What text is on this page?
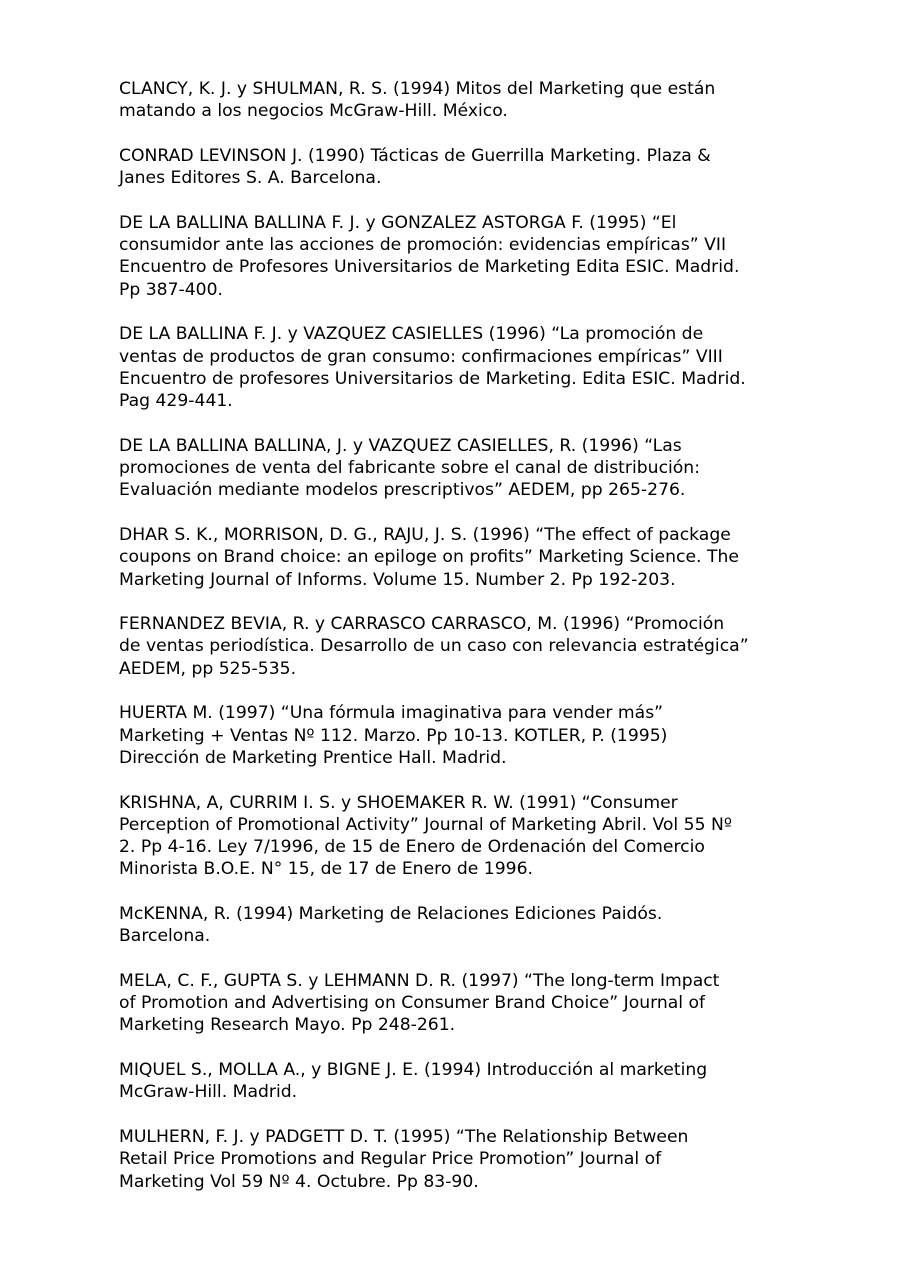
CLANCY, K. J. y SHULMAN, R. S. (1994) Mitos del Marketing que están
matando a los negocios McGraw-Hill. México.
CONRAD LEVINSON J. (1990) Tácticas de Guerrilla Marketing. Plaza &
Janes Editores S. A. Barcelona.
DE LA BALLINA BALLINA F. J. y GONZALEZ ASTORGA F. (1995) “El
consumidor ante las acciones de promoción: evidencias empíricas” VII
Encuentro de Profesores Universitarios de Marketing Edita ESIC. Madrid.
Pp 387-400.
DE LA BALLINA F. J. y VAZQUEZ CASIELLES (1996) “La promoción de
ventas de productos de gran consumo: confirmaciones empíricas” VIII
Encuentro de profesores Universitarios de Marketing. Edita ESIC. Madrid.
Pag 429-441.
DE LA BALLINA BALLINA, J. y VAZQUEZ CASIELLES, R. (1996) “Las
promociones de venta del fabricante sobre el canal de distribución:
Evaluación mediante modelos prescriptivos” AEDEM, pp 265-276.
DHAR S. K., MORRISON, D. G., RAJU, J. S. (1996) “The effect of package
coupons on Brand choice: an epiloge on profits” Marketing Science. The
Marketing Journal of Informs. Volume 15. Number 2. Pp 192-203.
FERNANDEZ BEVIA, R. y CARRASCO CARRASCO, M. (1996) “Promoción
de ventas periodística. Desarrollo de un caso con relevancia estratégica”
AEDEM, pp 525-535.
HUERTA M. (1997) “Una fórmula imaginativa para vender más”
Marketing + Ventas Nº 112. Marzo. Pp 10-13. KOTLER, P. (1995)
Dirección de Marketing Prentice Hall. Madrid.
KRISHNA, A, CURRIM I. S. y SHOEMAKER R. W. (1991) “Consumer
Perception of Promotional Activity” Journal of Marketing Abril. Vol 55 Nº
2. Pp 4-16. Ley 7/1996, de 15 de Enero de Ordenación del Comercio
Minorista B.O.E. N° 15, de 17 de Enero de 1996.
McKENNA, R. (1994) Marketing de Relaciones Ediciones Paidós.
Barcelona.
MELA, C. F., GUPTA S. y LEHMANN D. R. (1997) “The long-term Impact
of Promotion and Advertising on Consumer Brand Choice” Journal of
Marketing Research Mayo. Pp 248-261.
MIQUEL S., MOLLA A., y BIGNE J. E. (1994) Introducción al marketing
McGraw-Hill. Madrid.
MULHERN, F. J. y PADGETT D. T. (1995) “The Relationship Between
Retail Price Promotions and Regular Price Promotion” Journal of
Marketing Vol 59 Nº 4. Octubre. Pp 83-90.
